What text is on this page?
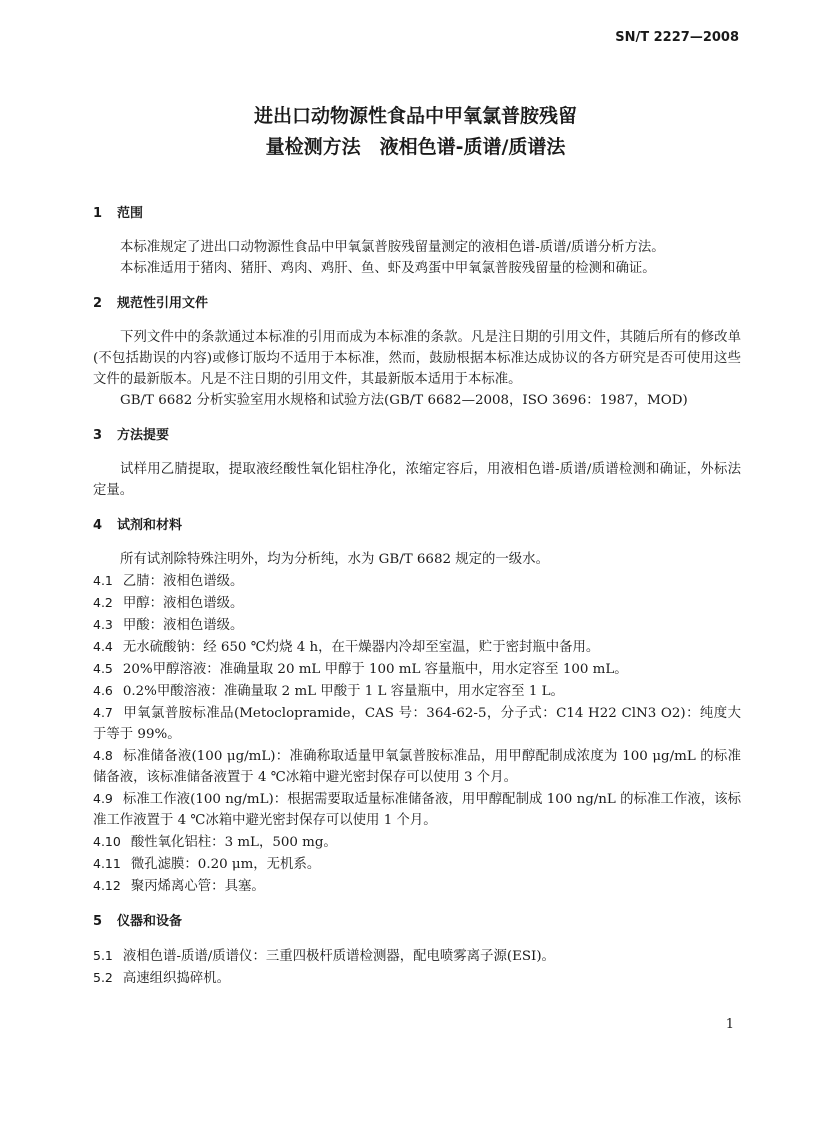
SN/T 2227—2008
进出口动物源性食品中甲氧氯普胺残留
量检测方法　液相色谱-质谱/质谱法
1 范围
本标准规定了进出口动物源性食品中甲氧氯普胺残留量测定的液相色谱-质谱/质谱分析方法。
本标准适用于猪肉、猪肝、鸡肉、鸡肝、鱼、虾及鸡蛋中甲氧氯普胺残留量的检测和确证。
2 规范性引用文件
下列文件中的条款通过本标准的引用而成为本标准的条款。凡是注日期的引用文件，其随后所有的修改单(不包括勘误的内容)或修订版均不适用于本标准，然而，鼓励根据本标准达成协议的各方研究是否可使用这些文件的最新版本。凡是不注日期的引用文件，其最新版本适用于本标准。
GB/T 6682 分析实验室用水规格和试验方法(GB/T 6682—2008，ISO 3696：1987，MOD)
3 方法提要
试样用乙腈提取，提取液经酸性氧化铝柱净化，浓缩定容后，用液相色谱-质谱/质谱检测和确证，外标法定量。
4 试剂和材料
所有试剂除特殊注明外，均为分析纯，水为 GB/T 6682 规定的一级水。
4.1 乙腈：液相色谱级。
4.2 甲醇：液相色谱级。
4.3 甲酸：液相色谱级。
4.4 无水硫酸钠：经 650 ℃灼烧 4 h，在干燥器内冷却至室温，贮于密封瓶中备用。
4.5 20%甲醇溶液：准确量取 20 mL 甲醇于 100 mL 容量瓶中，用水定容至 100 mL。
4.6 0.2%甲酸溶液：准确量取 2 mL 甲酸于 1 L 容量瓶中，用水定容至 1 L。
4.7 甲氧氯普胺标准品(Metoclopramide，CAS 号：364-62-5，分子式：C14 H22 ClN3 O2)：纯度大于等于 99%。
4.8 标准储备液(100 μg/mL)：准确称取适量甲氧氯普胺标准品，用甲醇配制成浓度为 100 μg/mL 的标准储备液，该标准储备液置于 4 ℃冰箱中避光密封保存可以使用 3 个月。
4.9 标准工作液(100 ng/mL)：根据需要取适量标准储备液，用甲醇配制成 100 ng/nL 的标准工作液，该标准工作液置于 4 ℃冰箱中避光密封保存可以使用 1 个月。
4.10 酸性氧化铝柱：3 mL，500 mg。
4.11 微孔滤膜：0.20 μm，无机系。
4.12 聚丙烯离心管：具塞。
5 仪器和设备
5.1 液相色谱-质谱/质谱仪：三重四极杆质谱检测器，配电喷雾离子源(ESI)。
5.2 高速组织捣碎机。
1
